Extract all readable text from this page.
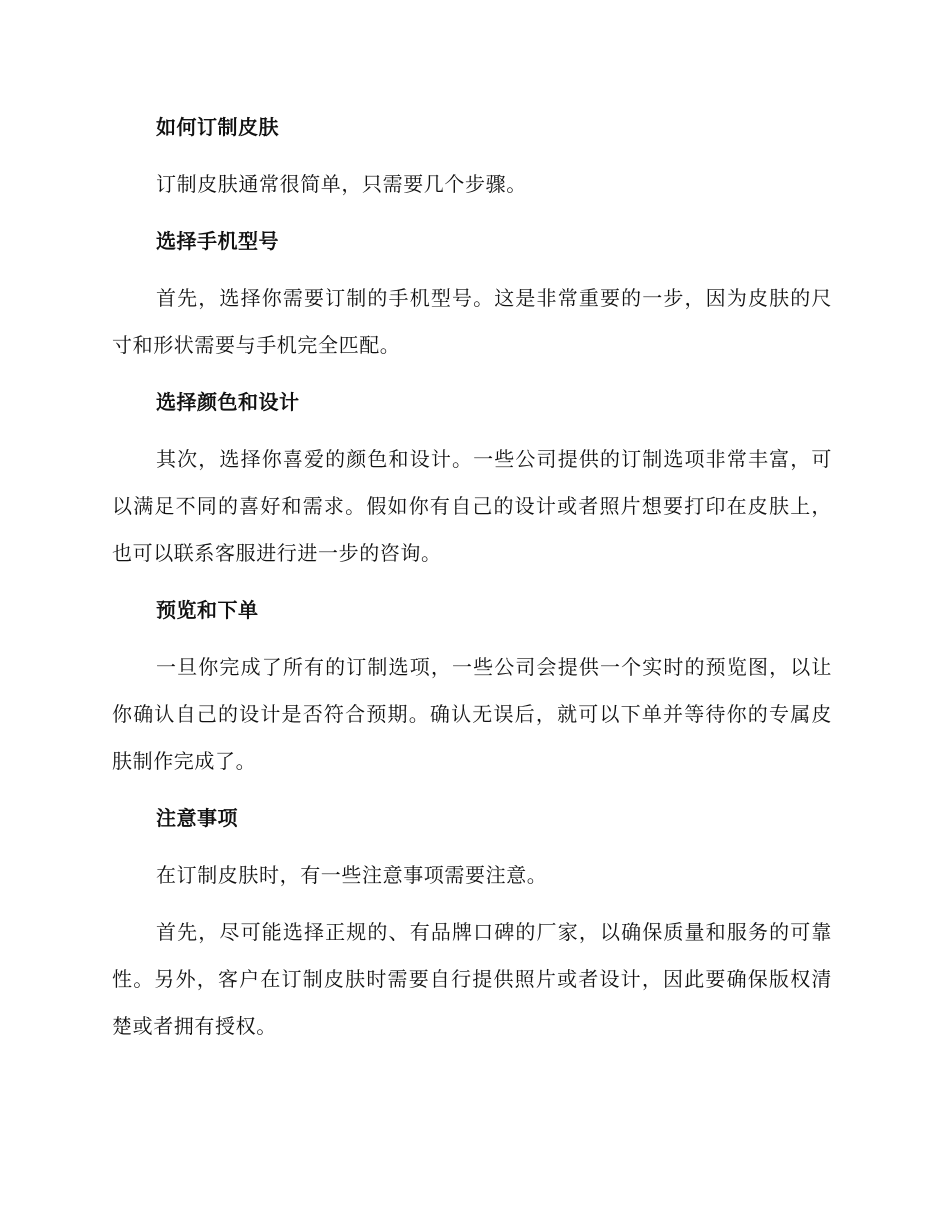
如何订制皮肤

订制皮肤通常很简单，只需要几个步骤。

选择手机型号

首先，选择你需要订制的手机型号。这是非常重要的一步，因为皮肤的尺寸和形状需要与手机完全匹配。

选择颜色和设计

其次，选择你喜爱的颜色和设计。一些公司提供的订制选项非常丰富，可以满足不同的喜好和需求。假如你有自己的设计或者照片想要打印在皮肤上，也可以联系客服进行进一步的咨询。

预览和下单

一旦你完成了所有的订制选项，一些公司会提供一个实时的预览图，以让你确认自己的设计是否符合预期。确认无误后，就可以下单并等待你的专属皮肤制作完成了。

注意事项

在订制皮肤时，有一些注意事项需要注意。

首先，尽可能选择正规的、有品牌口碑的厂家，以确保质量和服务的可靠性。另外，客户在订制皮肤时需要自行提供照片或者设计，因此要确保版权清楚或者拥有授权。
